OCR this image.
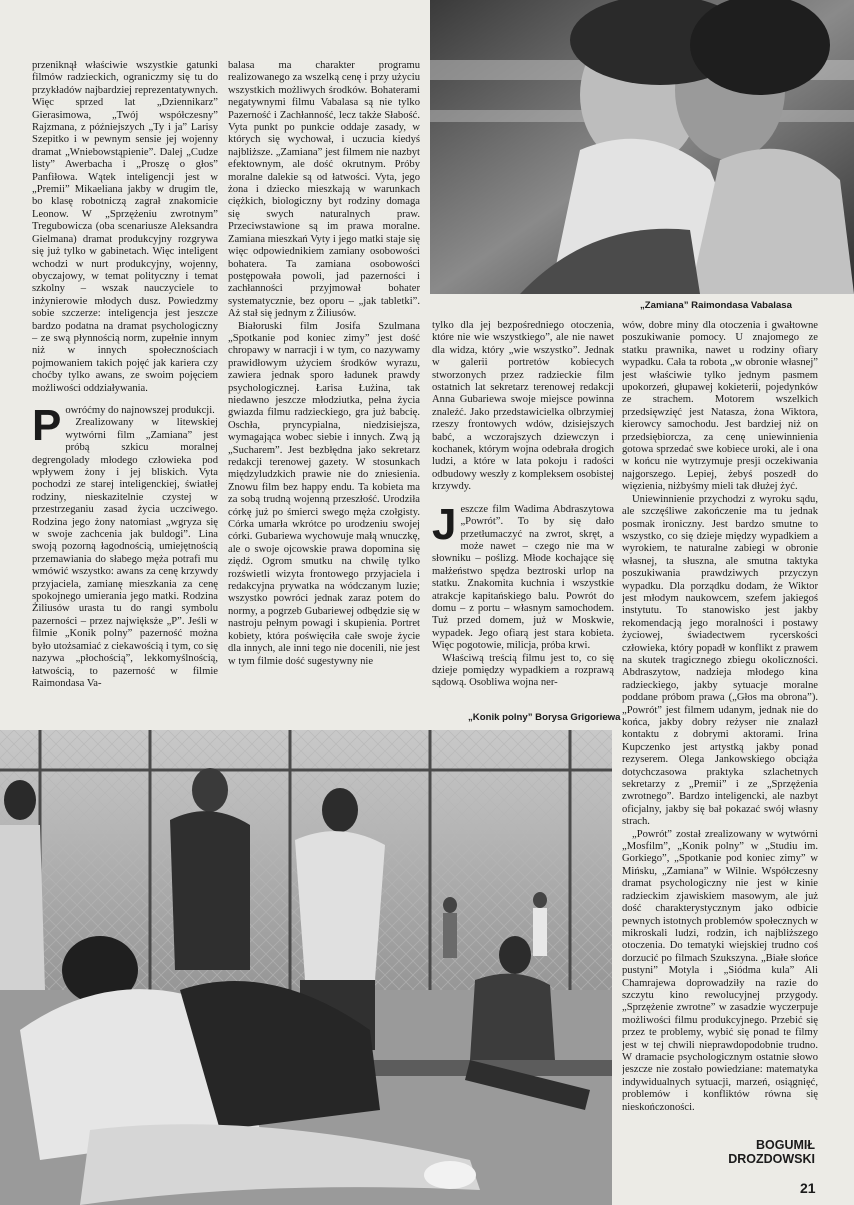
„Zamiana” Raimondasa Vabalasa

przeniknął właściwie wszystkie gatunki filmów radzieckich, ograniczmy się tu do przykładów najbardziej reprezentatywnych. Więc sprzed lat „Dziennikarz” Gierasimowa, „Twój współczesny” Rajzmana, z późniejszych „Ty i ja” Larisy Szepitko i w pewnym sensie jej wojenny dramat „Wniebowstąpienie”. Dalej „Cudze listy” Awerbacha i „Proszę o głos” Panfiłowa. Wątek inteligencji jest w „Premii” Mikaeliana jakby w drugim tle, bo klasę robotniczą zagrał znakomicie Leonow. W „Sprzężeniu zwrotnym” Tregubowicza (oba scenariusze Aleksandra Gielmana) dramat produkcyjny rozgrywa się już tylko w gabinetach. Więc inteligent wchodzi w nurt produkcyjny, wojenny, obyczajowy, w temat polityczny i temat szkolny – wszak nauczyciele to inżynierowie młodych dusz. Powiedzmy sobie szczerze: inteligencja jest jeszcze bardzo podatna na dramat psychologiczny – ze swą płynnością norm, zupełnie innym niż w innych społecznościach pojmowaniem takich pojęć jak kariera czy choćby tylko awans, ze swoim pojęciem możliwości oddziaływania.

Powróćmy do najnowszej produkcji.

Zrealizowany w litewskiej wytwórni film „Zamiana” jest próbą szkicu moralnej degrengolady młodego człowieka pod wpływem żony i jej bliskich. Vyta pochodzi ze starej inteligenckiej, światłej rodziny, nieskazitelnie czystej w przestrzeganiu zasad życia uczciwego. Rodzina jego żony natomiast „wgryza się w swoje zachcenia jak buldogi”. Lina swoją pozorną łagodnością, umiejętnością przemawiania do słabego męża potrafi mu wmówić wszystko: awans za cenę krzywdy przyjaciela, zamianę mieszkania za cenę spokojnego umierania jego matki. Rodzina Żiliusów urasta tu do rangi symbolu pazerności – przez najwięksże „P”. Jeśli w filmie „Konik polny” pazerność można było utożsamiać z ciekawością i tym, co się nazywa „płochością”, lekkomyślnością, łatwością, to pazerność w filmie Raimondasa Va-

balasa ma charakter programu realizowanego za wszelką cenę i przy użyciu wszystkich możliwych środków. Bohaterami negatywnymi filmu Vabalasa są nie tylko Pazerność i Zachłanność, lecz także Słabość. Vyta punkt po punkcie oddaje zasady, w których się wychował, i uczucia kiedyś najbliższe. „Zamiana” jest filmem nie nazbyt efektownym, ale dość okrutnym. Próby moralne dalekie są od łatwości. Vyta, jego żona i dziecko mieszkają w warunkach ciężkich, biologiczny byt rodziny domaga się swych naturalnych praw. Przeciwstawione są im prawa moralne. Zamiana mieszkań Vyty i jego matki staje się więc odpowiednikiem zamiany osobowości bohatera. Ta zamiana osobowości postępowała powoli, jad pazerności i zachłanności przyjmował bohater systematycznie, bez oporu – „jak tabletki”. Aż stał się jednym z Żiliusów.

Białoruski film Josifa Szulmana „Spotkanie pod koniec zimy” jest dość chropawy w narracji i w tym, co nazywamy prawidłowym użyciem środków wyrazu, zawiera jednak sporo ładunek prawdy psychologicznej. Łarisa Łużina, tak niedawno jeszcze młodziutka, pełna życia gwiazda filmu radzieckiego, gra już babcię. Oschła, pryncypialna, niedzisiejsza, wymagająca wobec siebie i innych. Zwą ją „Sucharem”. Jest bezbłędna jako sekretarz redakcji terenowej gazety. W stosunkach międzyludzkich prawie nie do zniesienia. Znowu film bez happy endu. Ta kobieta ma za sobą trudną wojenną przeszłość. Urodziła córkę już po śmierci swego męża czołgisty. Córka umarła wkrótce po urodzeniu swojej córki. Gubariewa wychowuje małą wnuczkę, ale o swoje ojcowskie prawa dopomina się ziędź. Ogrom smutku na chwilę tylko rozświetli wizyta frontowego przyjaciela i redakcyjna prywatka na wódczanym luzie; wszystko powróci jednak zaraz potem do normy, a pogrzeb Gubariewej odbędzie się w nastroju pełnym powagi i skupienia. Portret kobiety, która poświęciła całe swoje życie dla innych, ale inni tego nie docenili, nie jest w tym filmie dość sugestywny nie

tylko dla jej bezpośredniego otoczenia, które nie wie wszystkiego”, ale nie nawet dla widza, który „wie wszystko”. Jednak w galerii portretów kobiecych stworzonych przez radzieckie film ostatnich lat sekretarz terenowej redakcji Anna Gubariewa swoje miejsce powinna znaleźć. Jako przedstawicielka olbrzymiej rzeszy frontowych wdów, dzisiejszych babć, a wczorajszych dziewczyn i kochanek, którym wojna odebrała drogich ludzi, a które w lata pokoju i radości odbudowy weszły z kompleksem osobistej krzywdy.

Jeszcze film Wadima Abdraszytowa „Powrót”. To by się dało przetłumaczyć na zwrot, skręt, a może nawet – czego nie ma w słowniku – poślizg. Młode kochające się małżeństwo spędza beztroski urlop na statku. Znakomita kuchnia i wszystkie atrakcje kapitańskiego balu. Powrót do domu – z portu – własnym samochodem. Tuż przed domem, już w Moskwie, wypadek. Jego ofiarą jest stara kobieta. Więc pogotowie, milicja, próba krwi.

Właściwą treścią filmu jest to, co się dzieje pomiędzy wypadkiem a rozprawą sądową. Osobliwa wojna ner-

„Konik polny” Borysa Grigoriewa

wów, dobre miny dla otoczenia i gwałtowne poszukiwanie pomocy. U znajomego ze statku prawnika, nawet u rodziny ofiary wypadku. Cała ta robota „w obronie własnej” jest właściwie tylko jednym pasmem upokorzeń, głupawej kokieterii, pojedynków ze strachem. Motorem wszelkich przedsięwzięć jest Natasza, żona Wiktora, kierowcy samochodu. Jest bardziej niż on przedsiębiorcza, za cenę uniewinnienia gotowa sprzedać swe kobiece uroki, ale i ona w końcu nie wytrzymuje presji oczekiwania najgorszego. Lepiej, żebyś poszedł do więzienia, niżbyśmy mieli tak dłużej żyć.

Uniewinnienie przychodzi z wyroku sądu, ale szczęśliwe zakończenie ma tu jednak posmak ironiczny. Jest bardzo smutne to wszystko, co się dzieje między wypadkiem a wyrokiem, te naturalne zabiegi w obronie własnej, ta słuszna, ale smutna taktyka poszukiwania prawdziwych przyczyn wypadku. Dla porządku dodam, że Wiktor jest młodym naukowcem, szefem jakiegoś instytutu. To stanowisko jest jakby rekomendacją jego moralności i postawy życiowej, świadectwem rycerskości człowieka, który popadł w konflikt z prawem na skutek tragicznego zbiegu okoliczności. Abdraszytow, nadzieja młodego kina radzieckiego, jakby sytuacje moralne poddane próbom prawa („Głos ma obrona”). „Powrót” jest filmem udanym, jednak nie do końca, jakby dobry reżyser nie znalazł kontaktu z dobrymi aktorami. Irina Kupczenko jest artystką jakby ponad rezyserem. Olega Jankowskiego obciąża dotychczasowa praktyka szlachetnych sekretarzy z „Premii” i ze „Sprzężenia zwrotnego”. Bardzo inteligencki, ale nazbyt oficjalny, jakby się bał pokazać swój własny strach.

„Powrót” został zrealizowany w wytwórni „Mosfilm”, „Konik polny” w „Studiu im. Gorkiego”, „Spotkanie pod koniec zimy” w Mińsku, „Zamiana” w Wilnie. Współczesny dramat psychologiczny nie jest w kinie radzieckim zjawiskiem masowym, ale już dość charakterystycznym jako odbicie pewnych istotnych problemów społecznych w mikroskali ludzi, rodzin, ich najbliższego otoczenia. Do tematyki wiejskiej trudno coś dorzucić po filmach Szukszyna. „Białe słońce pustyni” Motyla i „Siódma kula” Ali Chamrajewa doprowadziły na razie do szczytu kino rewolucyjnej przygody. „Sprzężenie zwrotne” w zasadzie wyczerpuje możliwości filmu produkcyjnego. Przebić się przez te problemy, wybić się ponad te filmy jest w tej chwili nieprawdopodobnie trudno. W dramacie psychologicznym ostatnie słowo jeszcze nie zostało powiedziane: matematyka indywidualnych sytuacji, marzeń, osiągnięć, problemów i konfliktów równa się nieskończoności.

BOGUMIŁ
DROZDOWSKI
21
